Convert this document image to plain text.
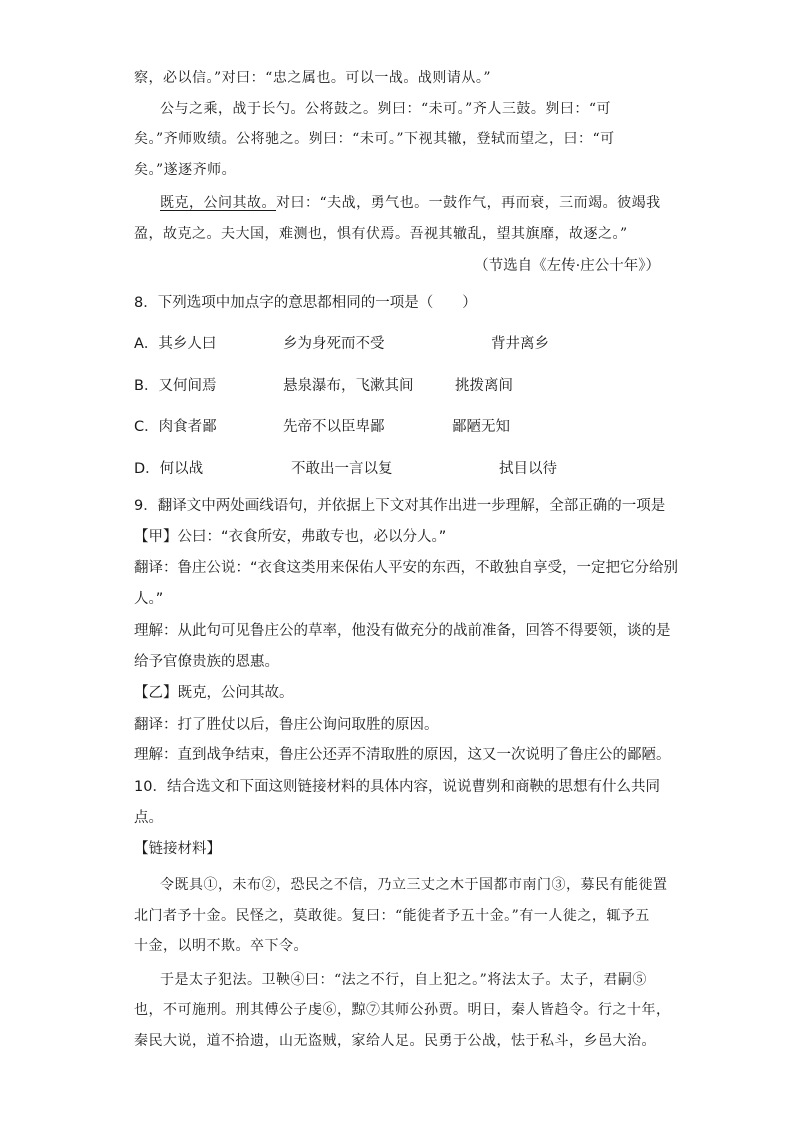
察，必以信。”对曰：“忠之属也。可以一战。战则请从。”
公与之乘，战于长勺。公将鼓之。刿曰：“未可。”齐人三鼓。刿曰：“可
矣。”齐师败绩。公将驰之。刿曰：“未可。”下视其辙，登轼而望之，曰：“可
矣。”遂逐齐师。
既克，公问其故。对曰：“夫战，勇气也。一鼓作气，再而衰，三而竭。彼竭我
盈，故克之。夫大国，难测也，惧有伏焉。吾视其辙乱，望其旗靡，故逐之。”
（节选自《左传·庄公十年》）
8．下列选项中加点字的意思都相同的一项是（　　）
A．其乡人曰	乡为身死而不受	背井离乡
B．又何间焉	悬泉瀑布，飞漱其间	挑拨离间
C．肉食者鄙	先帝不以臣卑鄙	鄙陋无知
D．何以战	不敢出一言以复	拭目以待
9．翻译文中两处画线语句，并依据上下文对其作出进一步理解，全部正确的一项是
【甲】公曰：“衣食所安，弗敢专也，必以分人。”
翻译：鲁庄公说：“衣食这类用来保佑人平安的东西，不敢独自享受，一定把它分给别
人。”
理解：从此句可见鲁庄公的草率，他没有做充分的战前准备，回答不得要领，谈的是
给予官僚贵族的恩惠。
【乙】既克，公问其故。
翻译：打了胜仗以后，鲁庄公询问取胜的原因。
理解：直到战争结束，鲁庄公还弄不清取胜的原因，这又一次说明了鲁庄公的鄙陋。
10．结合选文和下面这则链接材料的具体内容，说说曹刿和商鞅的思想有什么共同
点。
【链接材料】
令既具①，未布②，恐民之不信，乃立三丈之木于国都市南门③，募民有能徙置
北门者予十金。民怪之，莫敢徙。复曰：“能徙者予五十金。”有一人徙之，辄予五
十金，以明不欺。卒下令。
于是太子犯法。卫鞅④曰：“法之不行，自上犯之。”将法太子。太子，君嗣⑤
也，不可施刑。刑其傅公子虔⑥，黥⑦其师公孙贾。明日，秦人皆趋令。行之十年，
秦民大说，道不拾遗，山无盗贼，家给人足。民勇于公战，怯于私斗，乡邑大治。
